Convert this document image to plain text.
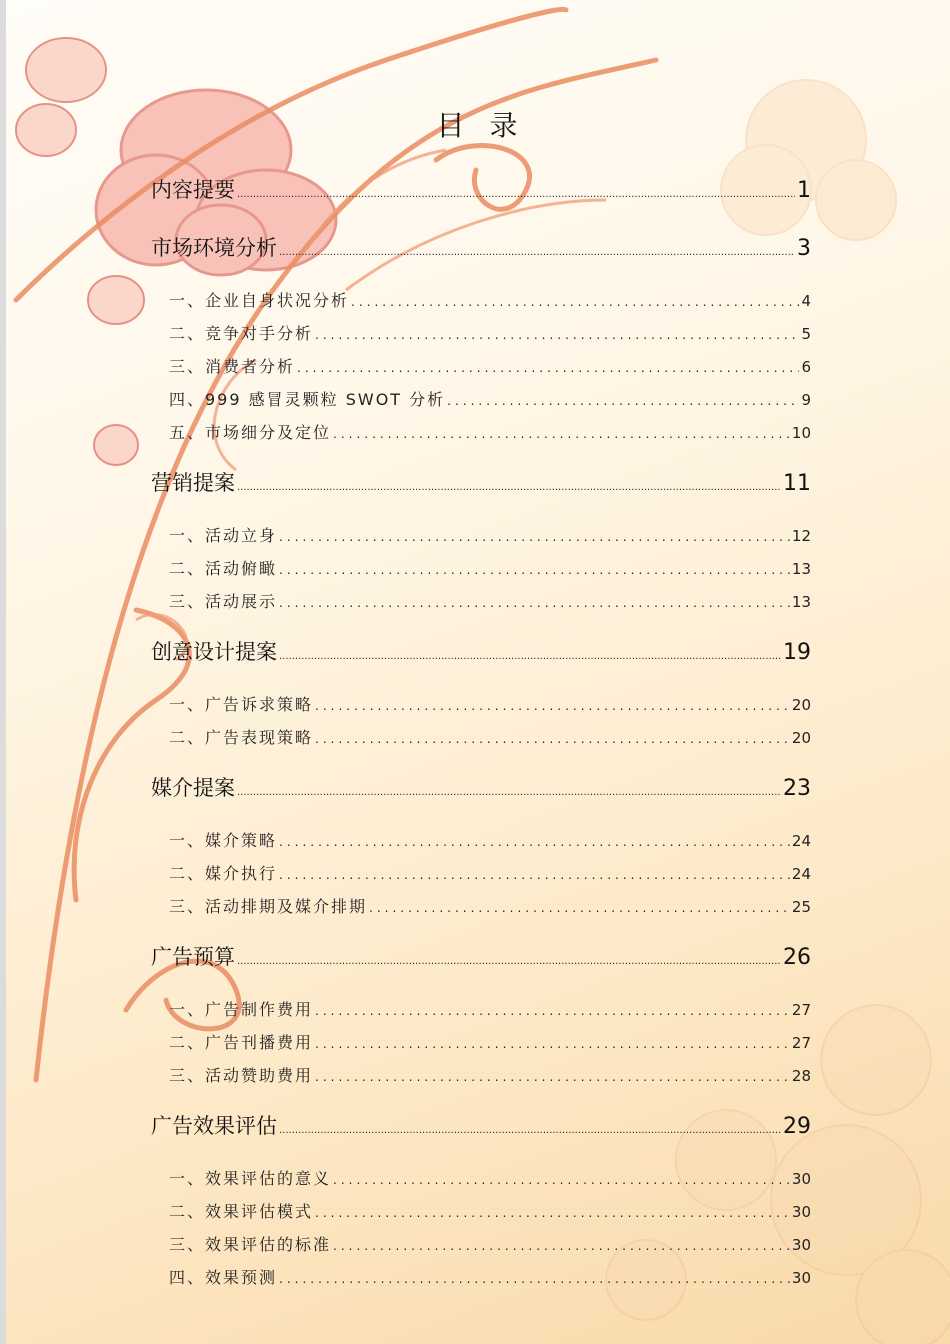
目 录
内容提要 .....	1
市场环境分析 .....	3
一、企业自身状况分析 .....	4
二、竞争对手分析 .....	5
三、消费者分析 .....	6
四、999 感冒灵颗粒 SWOT 分析 .....	9
五、市场细分及定位 .....	10
营销提案 .....	11
一、活动立身 .....	12
二、活动俯瞰 .....	13
三、活动展示 .....	13
创意设计提案 .....	19
一、广告诉求策略 .....	20
二、广告表现策略 .....	20
媒介提案 .....	23
一、媒介策略 .....	24
二、媒介执行 .....	24
三、活动排期及媒介排期 .....	25
广告预算 .....	26
一、广告制作费用 .....	27
二、广告刊播费用 .....	27
三、活动赞助费用 .....	28
广告效果评估 .....	29
一、效果评估的意义 .....	30
二、效果评估模式 .....	30
三、效果评估的标准 .....	30
四、效果预测 .....	30
